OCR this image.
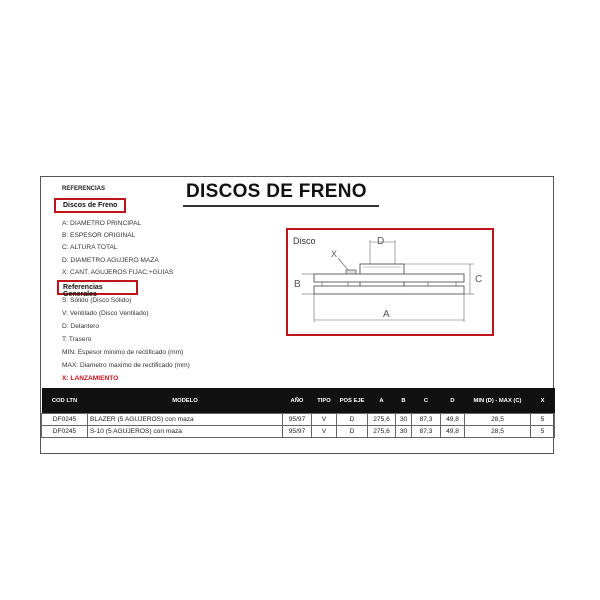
REFERENCIAS	DISCOS DE FRENO
Discos de Freno
A: DIAMETRO PRINCIPAL
B: ESPESOR ORIGINAL
C: ALTURA TOTAL
D: DIAMETRO AGUJERO MAZA
X: CANT. AGUJEROS FIJAC.+GUIAS
Referencias Generales
S: Sólido (Disco Sólido)
V: Ventilado (Disco Ventilado)
D: Delantero
T: Trasero
MIN: Espesor minimo de rectificado (mm)
MAX: Diametro maximo de rectificado (mm)
X: LANZAMIENTO
Disco	D
X
B	C
A
COD LTN	MODELO	AÑO	TIPO	POS EJE	A	B	C	D	MIN (D) - MAX (C)	X
DF0245	BLAZER (5 AGUJEROS) con maza	95/97	V	D	275,6	30	87,3	49,8	28,5	5
DF0245	S-10 (5 AGUJEROS) con maza	95/97	V	D	275,6	30	87,3	49,8	28,5	5
